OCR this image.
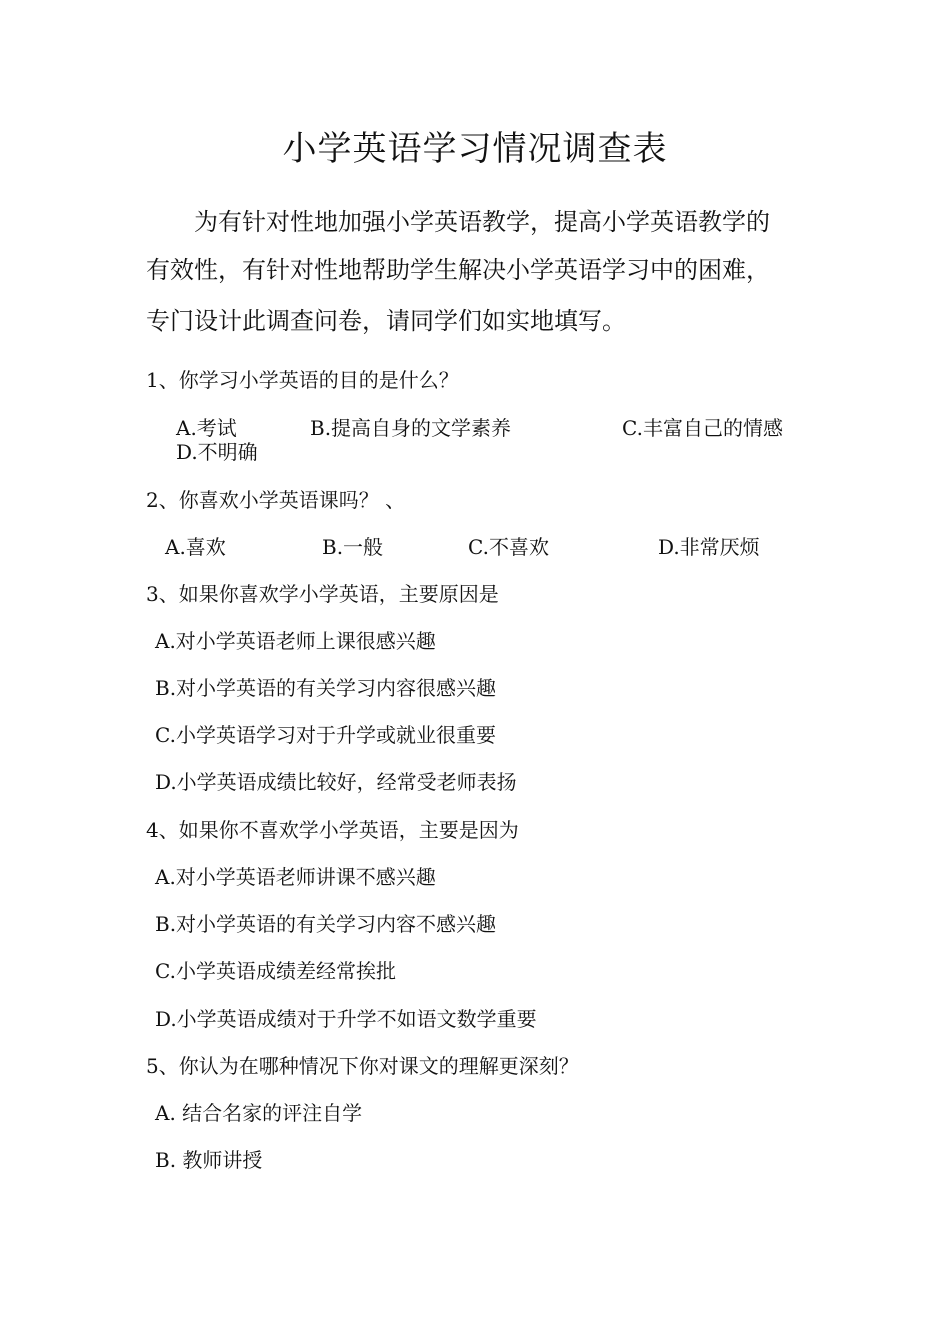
小学英语学习情况调查表
为有针对性地加强小学英语教学，提高小学英语教学的
有效性，有针对性地帮助学生解决小学英语学习中的困难，
专门设计此调查问卷，请同学们如实地填写。
1、你学习小学英语的目的是什么？
A.考试	B.提高自身的文学素养	C.丰富自己的情感
D.不明确
2、你喜欢小学英语课吗？ 、
A.喜欢	B.一般	C.不喜欢	D.非常厌烦
3、如果你喜欢学小学英语，主要原因是
A.对小学英语老师上课很感兴趣
B.对小学英语的有关学习内容很感兴趣
C.小学英语学习对于升学或就业很重要
D.小学英语成绩比较好，经常受老师表扬
4、如果你不喜欢学小学英语，主要是因为
A.对小学英语老师讲课不感兴趣
B.对小学英语的有关学习内容不感兴趣
C.小学英语成绩差经常挨批
D.小学英语成绩对于升学不如语文数学重要
5、你认为在哪种情况下你对课文的理解更深刻？
A. 结合名家的评注自学
B. 教师讲授
